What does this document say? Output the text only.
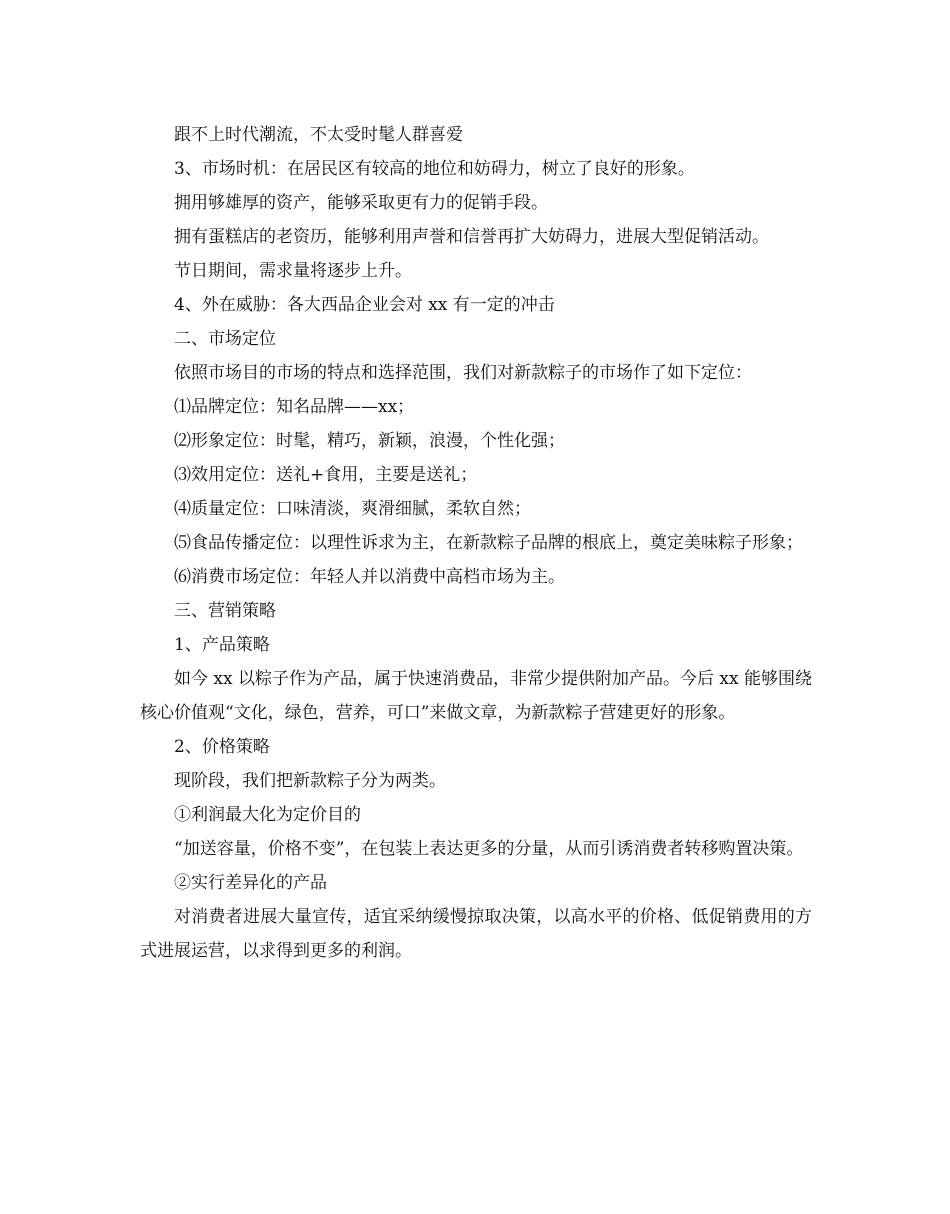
跟不上时代潮流，不太受时髦人群喜爱

3、市场时机：在居民区有较高的地位和妨碍力，树立了良好的形象。

拥用够雄厚的资产，能够采取更有力的促销手段。

拥有蛋糕店的老资历，能够利用声誉和信誉再扩大妨碍力，进展大型促销活动。

节日期间，需求量将逐步上升。

4、外在威胁：各大西品企业会对 xx 有一定的冲击

二、市场定位

依照市场目的市场的特点和选择范围，我们对新款粽子的市场作了如下定位：

⑴品牌定位：知名品牌——xx；

⑵形象定位：时髦，精巧，新颖，浪漫，个性化强；

⑶效用定位：送礼+食用，主要是送礼；

⑷质量定位：口味清淡，爽滑细腻，柔软自然；

⑸食品传播定位：以理性诉求为主，在新款粽子品牌的根底上，奠定美味粽子形象；

⑹消费市场定位：年轻人并以消费中高档市场为主。

三、营销策略

1、产品策略

如今 xx 以粽子作为产品，属于快速消费品，非常少提供附加产品。今后 xx 能够围绕核心价值观“文化，绿色，营养，可口”来做文章，为新款粽子营建更好的形象。

2、价格策略

现阶段，我们把新款粽子分为两类。

①利润最大化为定价目的

“加送容量，价格不变”，在包装上表达更多的分量，从而引诱消费者转移购置决策。

②实行差异化的产品

对消费者进展大量宣传，适宜采纳缓慢掠取决策，以高水平的价格、低促销费用的方式进展运营，以求得到更多的利润。
